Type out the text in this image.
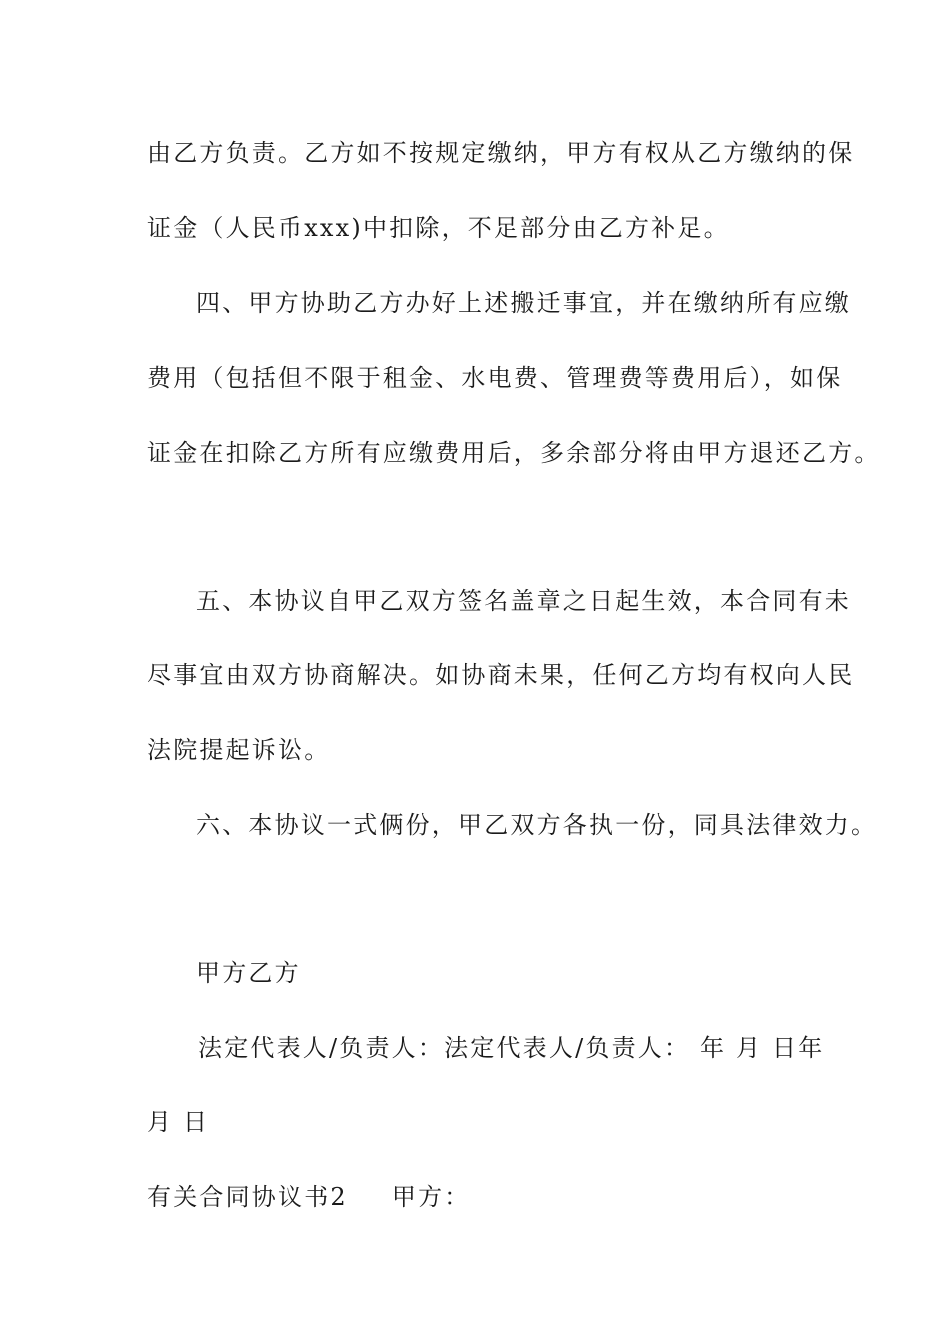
由乙方负责。乙方如不按规定缴纳，甲方有权从乙方缴纳的保
证金（人民币xxx)中扣除，不足部分由乙方补足。
四、甲方协助乙方办好上述搬迁事宜，并在缴纳所有应缴
费用（包括但不限于租金、水电费、管理费等费用后），如保
证金在扣除乙方所有应缴费用后，多余部分将由甲方退还乙方。
五、本协议自甲乙双方签名盖章之日起生效，本合同有未
尽事宜由双方协商解决。如协商未果，任何乙方均有权向人民
法院提起诉讼。
六、本协议一式俩份，甲乙双方各执一份，同具法律效力。
甲方乙方
法定代表人/负责人：法定代表人/负责人： 年 月 日年
月 日
有关合同协议书2 甲方：
